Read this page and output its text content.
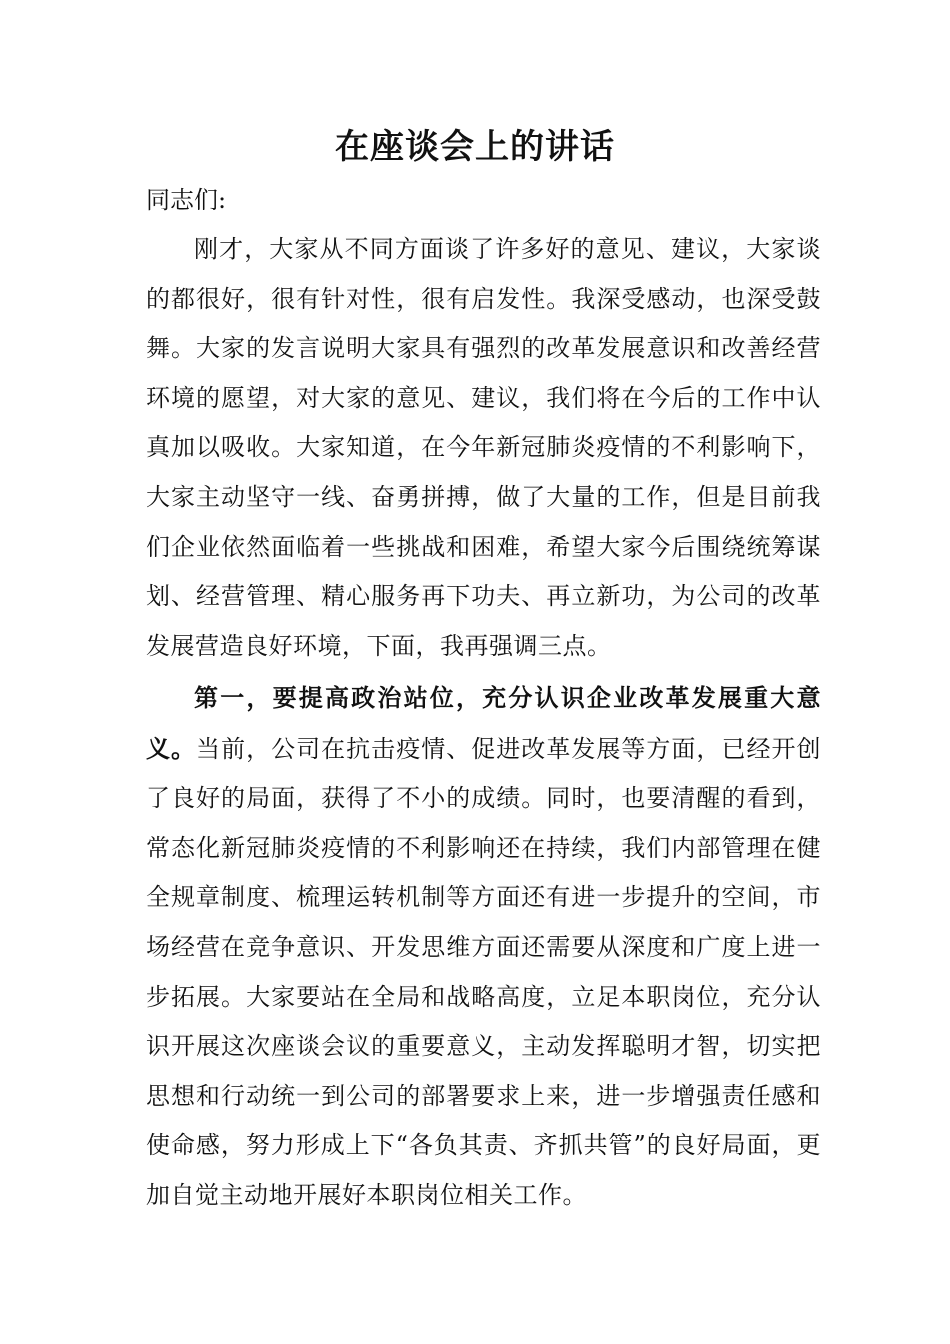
在座谈会上的讲话
同志们:
刚才，大家从不同方面谈了许多好的意见、建议，大家谈的都很好，很有针对性，很有启发性。我深受感动，也深受鼓舞。大家的发言说明大家具有强烈的改革发展意识和改善经营环境的愿望，对大家的意见、建议，我们将在今后的工作中认真加以吸收。大家知道，在今年新冠肺炎疫情的不利影响下，大家主动坚守一线、奋勇拼搏，做了大量的工作，但是目前我们企业依然面临着一些挑战和困难，希望大家今后围绕统筹谋划、经营管理、精心服务再下功夫、再立新功，为公司的改革发展营造良好环境，下面，我再强调三点。
第一，要提高政治站位，充分认识企业改革发展重大意义。当前，公司在抗击疫情、促进改革发展等方面，已经开创了良好的局面，获得了不小的成绩。同时，也要清醒的看到，常态化新冠肺炎疫情的不利影响还在持续，我们内部管理在健全规章制度、梳理运转机制等方面还有进一步提升的空间，市场经营在竞争意识、开发思维方面还需要从深度和广度上进一步拓展。大家要站在全局和战略高度，立足本职岗位，充分认识开展这次座谈会议的重要意义，主动发挥聪明才智，切实把思想和行动统一到公司的部署要求上来，进一步增强责任感和使命感，努力形成上下“各负其责、齐抓共管”的良好局面，更加自觉主动地开展好本职岗位相关工作。
